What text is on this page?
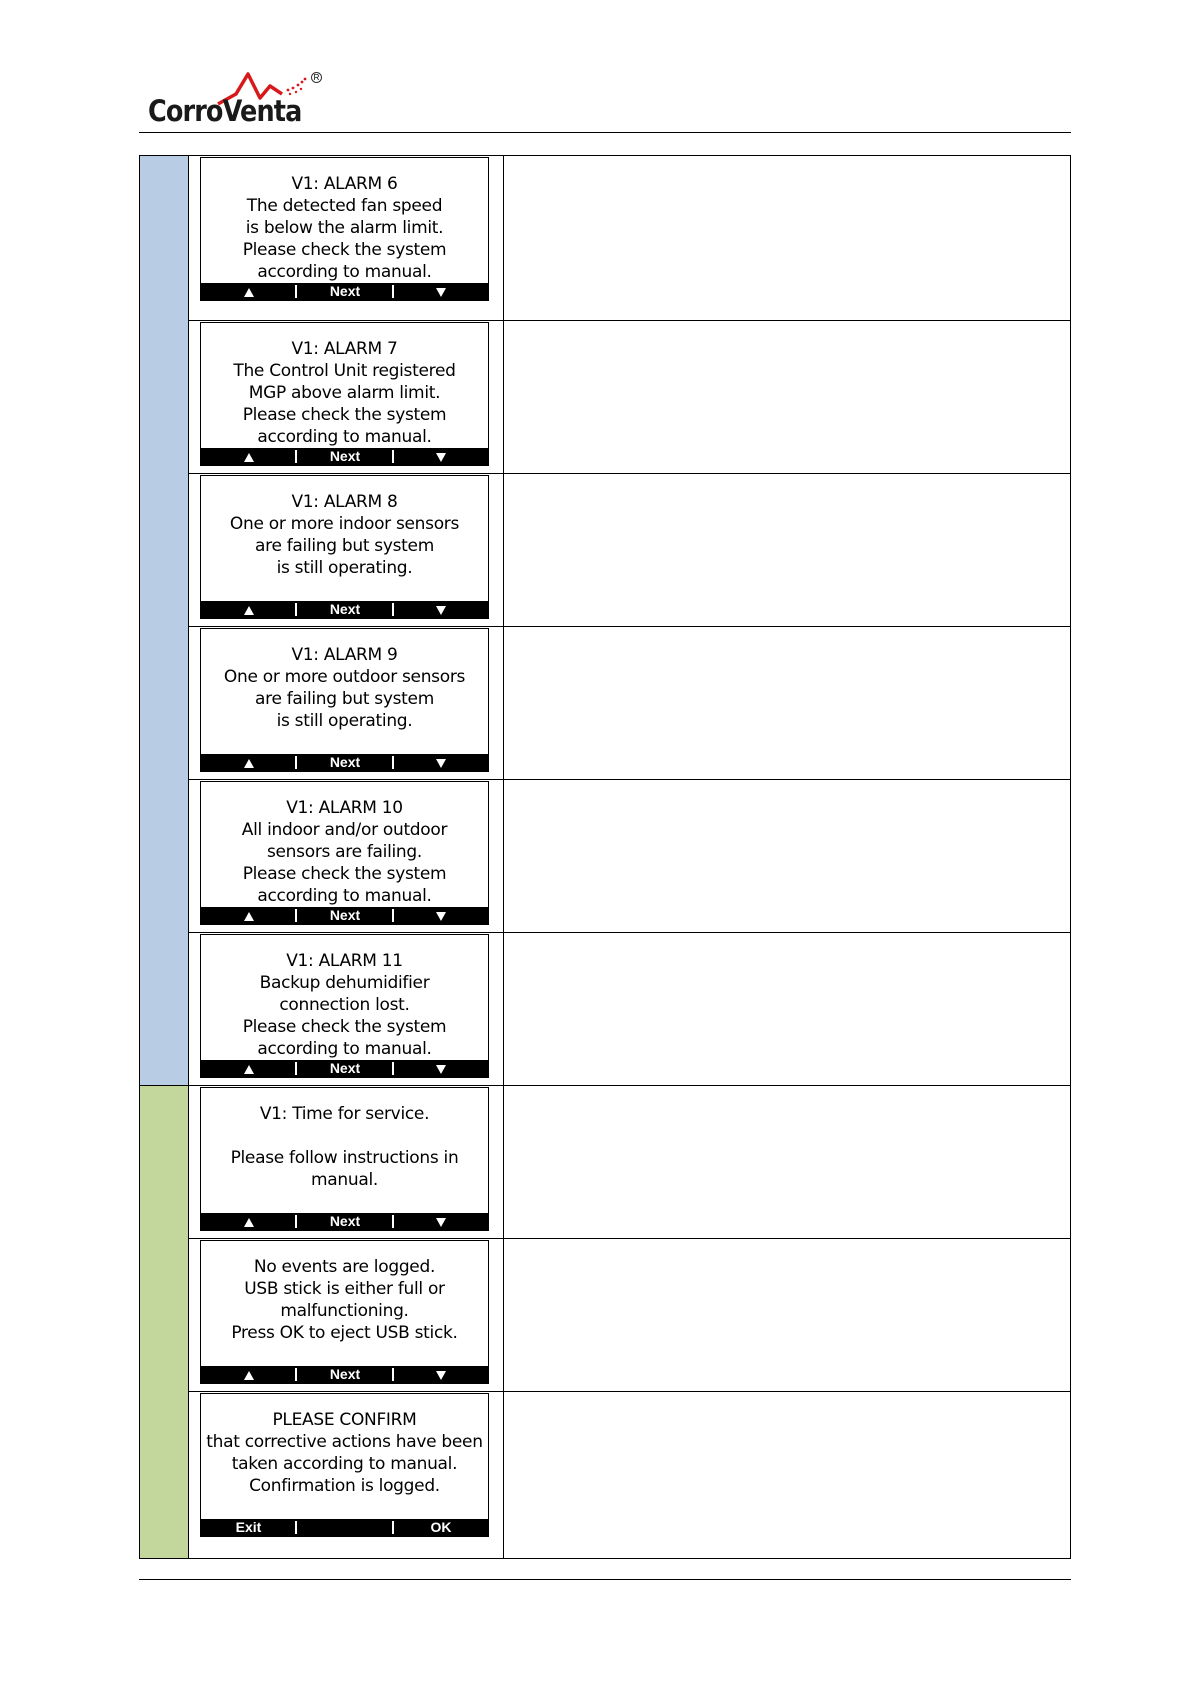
R
CorroVenta
V1: ALARM 6
The detected fan speed
is below the alarm limit.
Please check the system
according to manual.
Next
V1: ALARM 7
The Control Unit registered
MGP above alarm limit.
Please check the system
according to manual.
Next
V1: ALARM 8
One or more indoor sensors
are failing but system
is still operating.
Next
V1: ALARM 9
One or more outdoor sensors
are failing but system
is still operating.
Next
V1: ALARM 10
All indoor and/or outdoor
sensors are failing.
Please check the system
according to manual.
Next
V1: ALARM 11
Backup dehumidifier
connection lost.
Please check the system
according to manual.
Next
V1: Time for service.
Please follow instructions in
manual.
Next
No events are logged.
USB stick is either full or
malfunctioning.
Press OK to eject USB stick.
Next
PLEASE CONFIRM
that corrective actions have been
taken according to manual.
Confirmation is logged.
Exit	OK
